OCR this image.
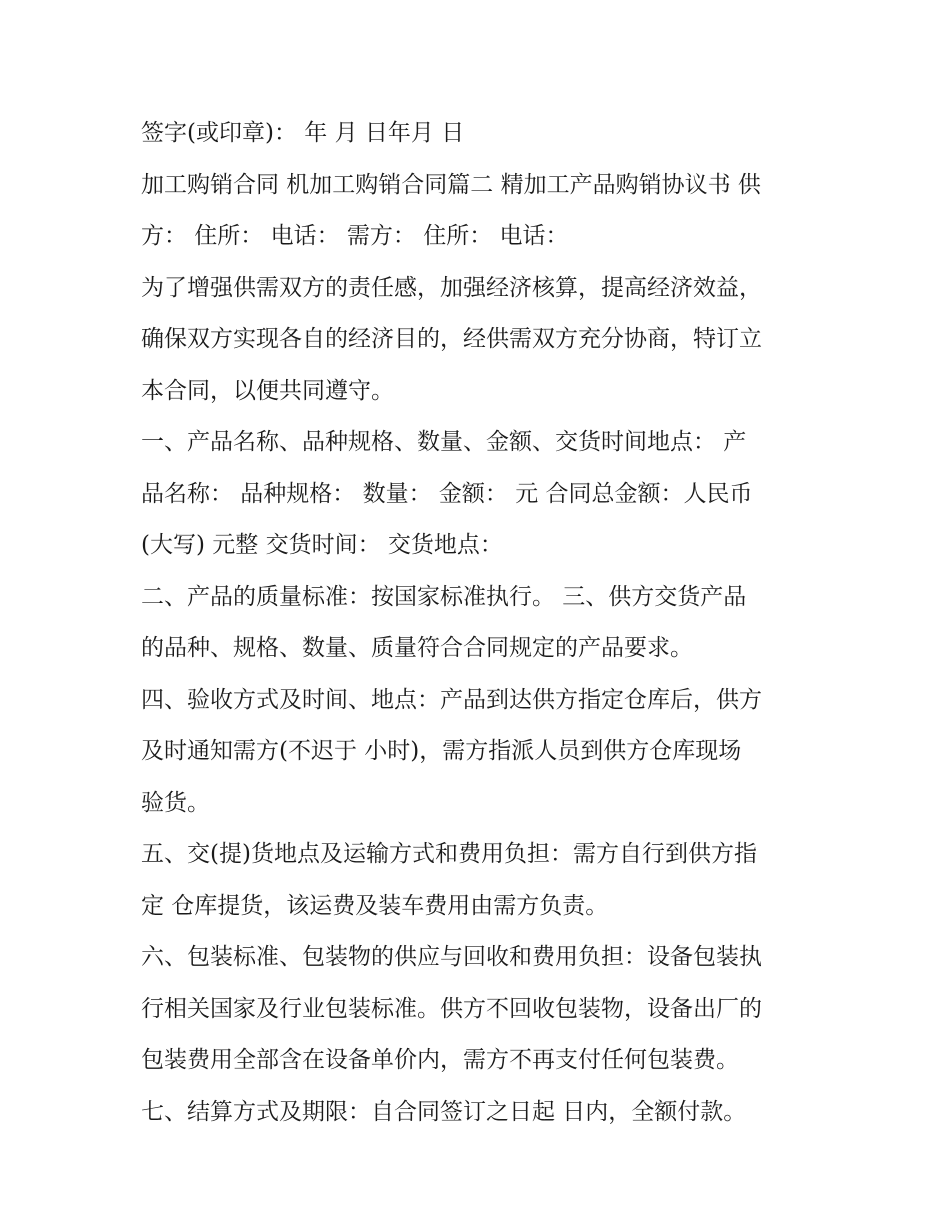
签字(或印章)： 年 月 日年月 日

加工购销合同 机加工购销合同篇二 精加工产品购销协议书 供
方： 住所： 电话： 需方： 住所： 电话：

为了增强供需双方的责任感，加强经济核算，提高经济效益，
确保双方实现各自的经济目的，经供需双方充分协商，特订立
本合同，以便共同遵守。

一、产品名称、品种规格、数量、金额、交货时间地点： 产
品名称： 品种规格： 数量： 金额： 元 合同总金额：人民币
(大写) 元整 交货时间： 交货地点：

二、产品的质量标准：按国家标准执行。 三、供方交货产品
的品种、规格、数量、质量符合合同规定的产品要求。

四、验收方式及时间、地点：产品到达供方指定仓库后，供方
及时通知需方(不迟于 小时)，需方指派人员到供方仓库现场
验货。

五、交(提)货地点及运输方式和费用负担：需方自行到供方指
定 仓库提货，该运费及装车费用由需方负责。

六、包装标准、包装物的供应与回收和费用负担：设备包装执
行相关国家及行业包装标准。供方不回收包装物，设备出厂的
包装费用全部含在设备单价内，需方不再支付任何包装费。

七、结算方式及期限：自合同签订之日起 日内，全额付款。
